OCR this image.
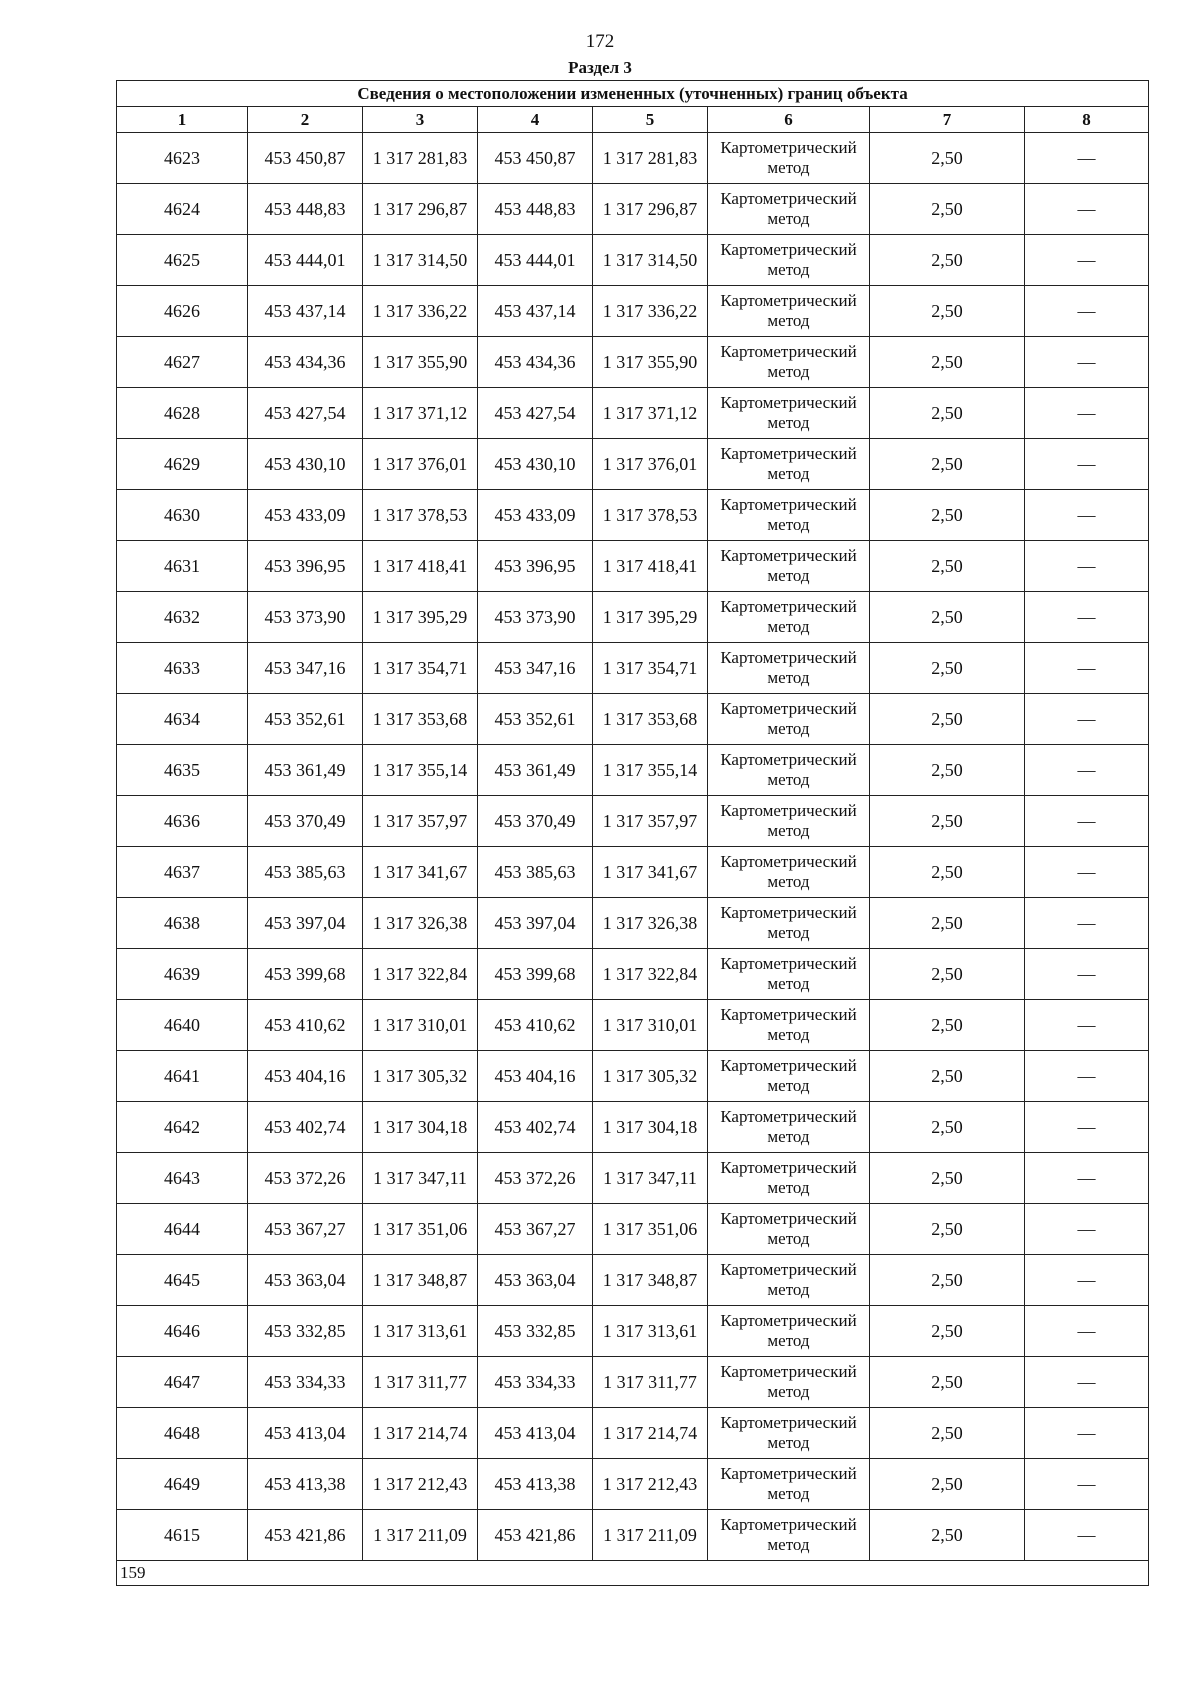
172
Раздел 3
Сведения о местоположении измененных (уточненных) границ объекта							
1	2	3	4	5	6	7	8
4623	453 450,87	1 317 281,83	453 450,87	1 317 281,83	Картометрический метод	2,50	—
4624	453 448,83	1 317 296,87	453 448,83	1 317 296,87	Картометрический метод	2,50	—
4625	453 444,01	1 317 314,50	453 444,01	1 317 314,50	Картометрический метод	2,50	—
4626	453 437,14	1 317 336,22	453 437,14	1 317 336,22	Картометрический метод	2,50	—
4627	453 434,36	1 317 355,90	453 434,36	1 317 355,90	Картометрический метод	2,50	—
4628	453 427,54	1 317 371,12	453 427,54	1 317 371,12	Картометрический метод	2,50	—
4629	453 430,10	1 317 376,01	453 430,10	1 317 376,01	Картометрический метод	2,50	—
4630	453 433,09	1 317 378,53	453 433,09	1 317 378,53	Картометрический метод	2,50	—
4631	453 396,95	1 317 418,41	453 396,95	1 317 418,41	Картометрический метод	2,50	—
4632	453 373,90	1 317 395,29	453 373,90	1 317 395,29	Картометрический метод	2,50	—
4633	453 347,16	1 317 354,71	453 347,16	1 317 354,71	Картометрический метод	2,50	—
4634	453 352,61	1 317 353,68	453 352,61	1 317 353,68	Картометрический метод	2,50	—
4635	453 361,49	1 317 355,14	453 361,49	1 317 355,14	Картометрический метод	2,50	—
4636	453 370,49	1 317 357,97	453 370,49	1 317 357,97	Картометрический метод	2,50	—
4637	453 385,63	1 317 341,67	453 385,63	1 317 341,67	Картометрический метод	2,50	—
4638	453 397,04	1 317 326,38	453 397,04	1 317 326,38	Картометрический метод	2,50	—
4639	453 399,68	1 317 322,84	453 399,68	1 317 322,84	Картометрический метод	2,50	—
4640	453 410,62	1 317 310,01	453 410,62	1 317 310,01	Картометрический метод	2,50	—
4641	453 404,16	1 317 305,32	453 404,16	1 317 305,32	Картометрический метод	2,50	—
4642	453 402,74	1 317 304,18	453 402,74	1 317 304,18	Картометрический метод	2,50	—
4643	453 372,26	1 317 347,11	453 372,26	1 317 347,11	Картометрический метод	2,50	—
4644	453 367,27	1 317 351,06	453 367,27	1 317 351,06	Картометрический метод	2,50	—
4645	453 363,04	1 317 348,87	453 363,04	1 317 348,87	Картометрический метод	2,50	—
4646	453 332,85	1 317 313,61	453 332,85	1 317 313,61	Картометрический метод	2,50	—
4647	453 334,33	1 317 311,77	453 334,33	1 317 311,77	Картометрический метод	2,50	—
4648	453 413,04	1 317 214,74	453 413,04	1 317 214,74	Картометрический метод	2,50	—
4649	453 413,38	1 317 212,43	453 413,38	1 317 212,43	Картометрический метод	2,50	—
4615	453 421,86	1 317 211,09	453 421,86	1 317 211,09	Картометрический метод	2,50	—
159							
